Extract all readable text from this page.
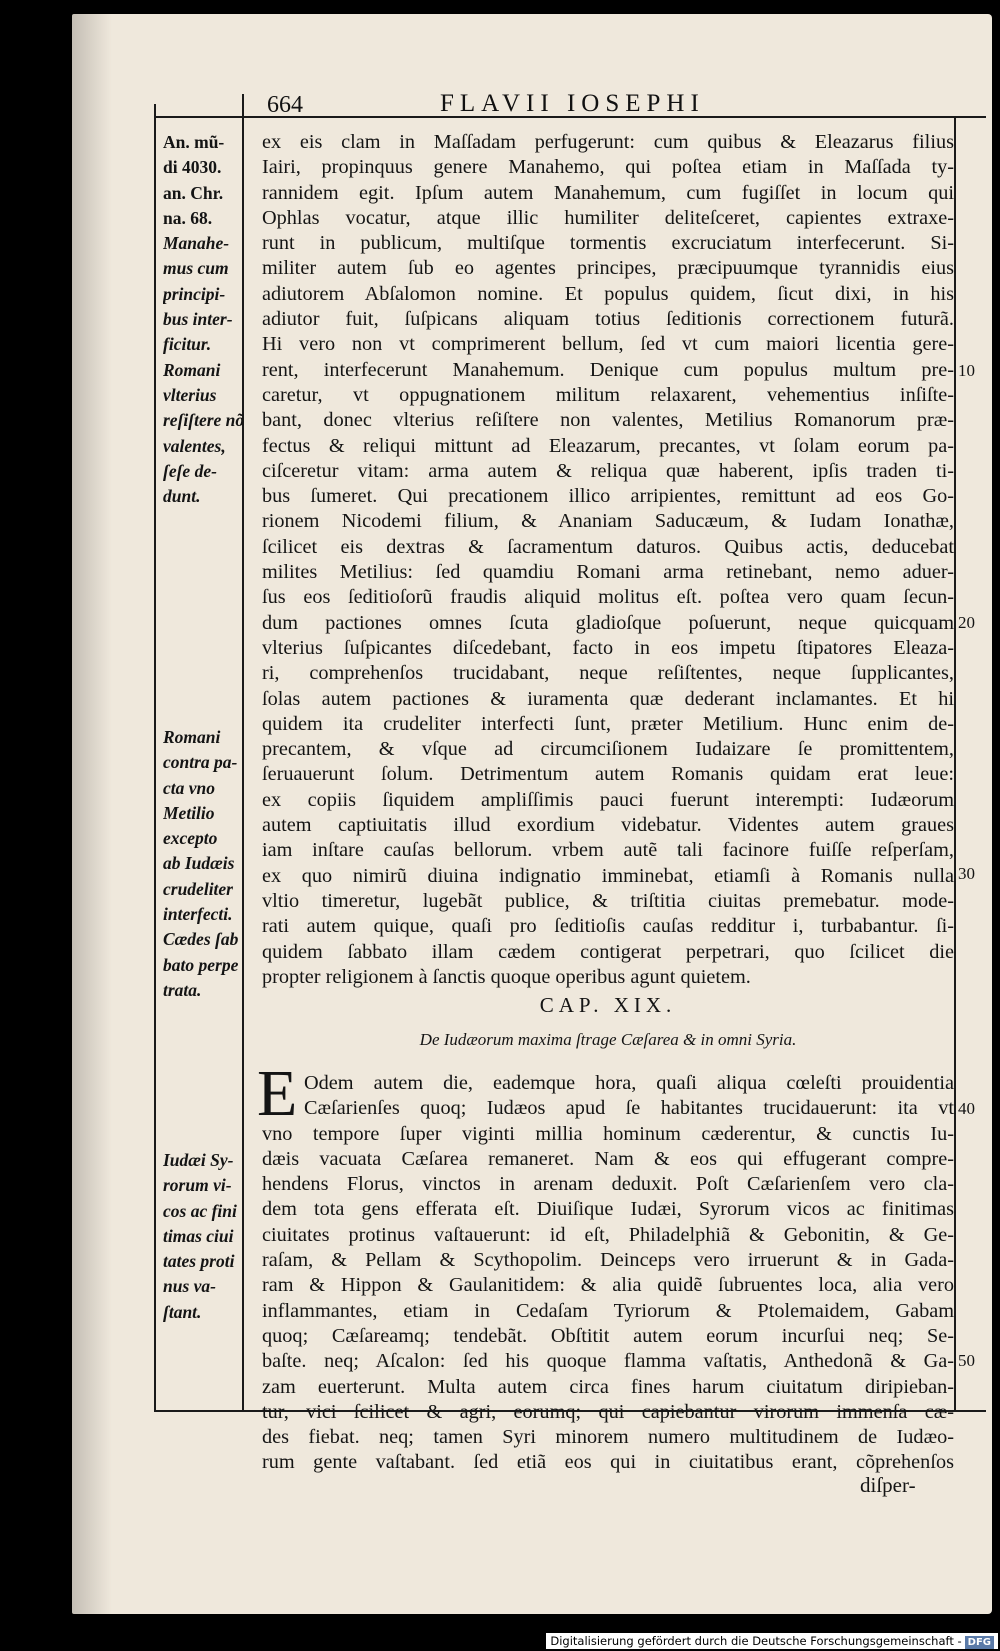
664	FLAVII IOSEPHI
ex eis clam in Maſſadam perfugerunt: cum quibus & Eleazarus filius
Iairi, propinquus genere Manahemo, qui poſtea etiam in Maſſada ty-
rannidem egit. Ipſum autem Manahemum, cum fugiſſet in locum qui
Ophlas vocatur, atque illic humiliter deliteſceret, capientes extraxe-
runt in publicum, multiſque tormentis excruciatum interfecerunt. Si-
militer autem ſub eo agentes principes, præcipuumque tyrannidis eius
adiutorem Abſalomon nomine. Et populus quidem, ſicut dixi, in his
adiutor fuit, ſuſpicans aliquam totius ſeditionis correctionem futurã.
Hi vero non vt comprimerent bellum, ſed vt cum maiori licentia gere-
rent, interfecerunt Manahemum. Denique cum populus multum pre-
caretur, vt oppugnationem militum relaxarent, vehementius inſiſte-
bant, donec vlterius reſiſtere non valentes, Metilius Romanorum præ-
fectus & reliqui mittunt ad Eleazarum, precantes, vt ſolam eorum pa-
ciſceretur vitam: arma autem & reliqua quæ haberent, ipſis traden ti-
bus ſumeret. Qui precationem illico arripientes, remittunt ad eos Go-
rionem Nicodemi filium, & Ananiam Saducæum, & Iudam Ionathæ,
ſcilicet eis dextras & ſacramentum daturos. Quibus actis, deducebat
milites Metilius: ſed quamdiu Romani arma retinebant, nemo aduer-
ſus eos ſeditioſorũ fraudis aliquid molitus eſt. poſtea vero quam ſecun-
dum pactiones omnes ſcuta gladioſque poſuerunt, neque quicquam
vlterius ſuſpicantes diſcedebant, facto in eos impetu ſtipatores Eleaza-
ri, comprehenſos trucidabant, neque reſiſtentes, neque ſupplicantes,
ſolas autem pactiones & iuramenta quæ dederant inclamantes. Et hi
quidem ita crudeliter interfecti ſunt, præter Metilium. Hunc enim de-
precantem, & vſque ad circumciſionem Iudaizare ſe promittentem,
ſeruauerunt ſolum. Detrimentum autem Romanis quidam erat leue:
ex copiis ſiquidem ampliſſimis pauci fuerunt interempti: Iudæorum
autem captiuitatis illud exordium videbatur. Videntes autem graues
iam inſtare cauſas bellorum. vrbem autẽ tali facinore fuiſſe reſperſam,
ex quo nimirũ diuina indignatio imminebat, etiamſi à Romanis nulla
vltio timeretur, lugebãt publice, & triſtitia ciuitas premebatur. mode-
rati autem quique, quaſi pro ſeditioſis cauſas redditur i, turbabantur. ſi-
quidem ſabbato illam cædem contigerat perpetrari, quo ſcilicet die
propter religionem à ſanctis quoque operibus agunt quietem.
CAP. XIX.
De Iudæorum maxima ſtrage Cæſarea & in omni Syria.
E Odem autem die, eademque hora, quaſi aliqua cœleſti prouidentia
Cæſarienſes quoq; Iudæos apud ſe habitantes trucidauerunt: ita vt
vno tempore ſuper viginti millia hominum cæderentur, & cunctis Iu-
dæis vacuata Cæſarea remaneret. Nam & eos qui effugerant compre-
hendens Florus, vinctos in arenam deduxit. Poſt Cæſarienſem vero cla-
dem tota gens efferata eſt. Diuiſique Iudæi, Syrorum vicos ac finitimas
ciuitates protinus vaſtauerunt: id eſt, Philadelphiã & Gebonitin, & Ge-
raſam, & Pellam & Scythopolim. Deinceps vero irruerunt & in Gada-
ram & Hippon & Gaulanitidem: & alia quidẽ ſubruentes loca, alia vero
inflammantes, etiam in Cedaſam Tyriorum & Ptolemaidem, Gabam
quoq; Cæſareamq; tendebãt. Obſtitit autem eorum incurſui neq; Se-
baſte. neq; Aſcalon: ſed his quoque flamma vaſtatis, Anthedonã & Ga-
zam euerterunt. Multa autem circa fines harum ciuitatum diripieban-
tur, vici ſcilicet & agri, eorumq; qui capiebantur virorum immenſa cæ-
des fiebat. neq; tamen Syri minorem numero multitudinem de Iudæo-
rum gente vaſtabant. ſed etiã eos qui in ciuitatibus erant, cõprehenſos
An. mũ-
di 4030.
an. Chr.
na. 68.
Manahe-
mus cum
principi-
bus inter-
ficitur.
Romani
vlterius
reſiſtere nõ
valentes,
ſeſe de-
dunt.
Romani
contra pa-
cta vno
Metilio
excepto
ab Iudæis
crudeliter
interfecti.
Cædes ſab
bato perpe
trata.
Iudæi Sy-
rorum vi-
cos ac fini
timas ciui
tates proti
nus va-
ſtant.
10
20
30
40
50
diſper-
Digitalisierung gefördert durch die Deutsche Forschungsgemeinschaft - DFG
